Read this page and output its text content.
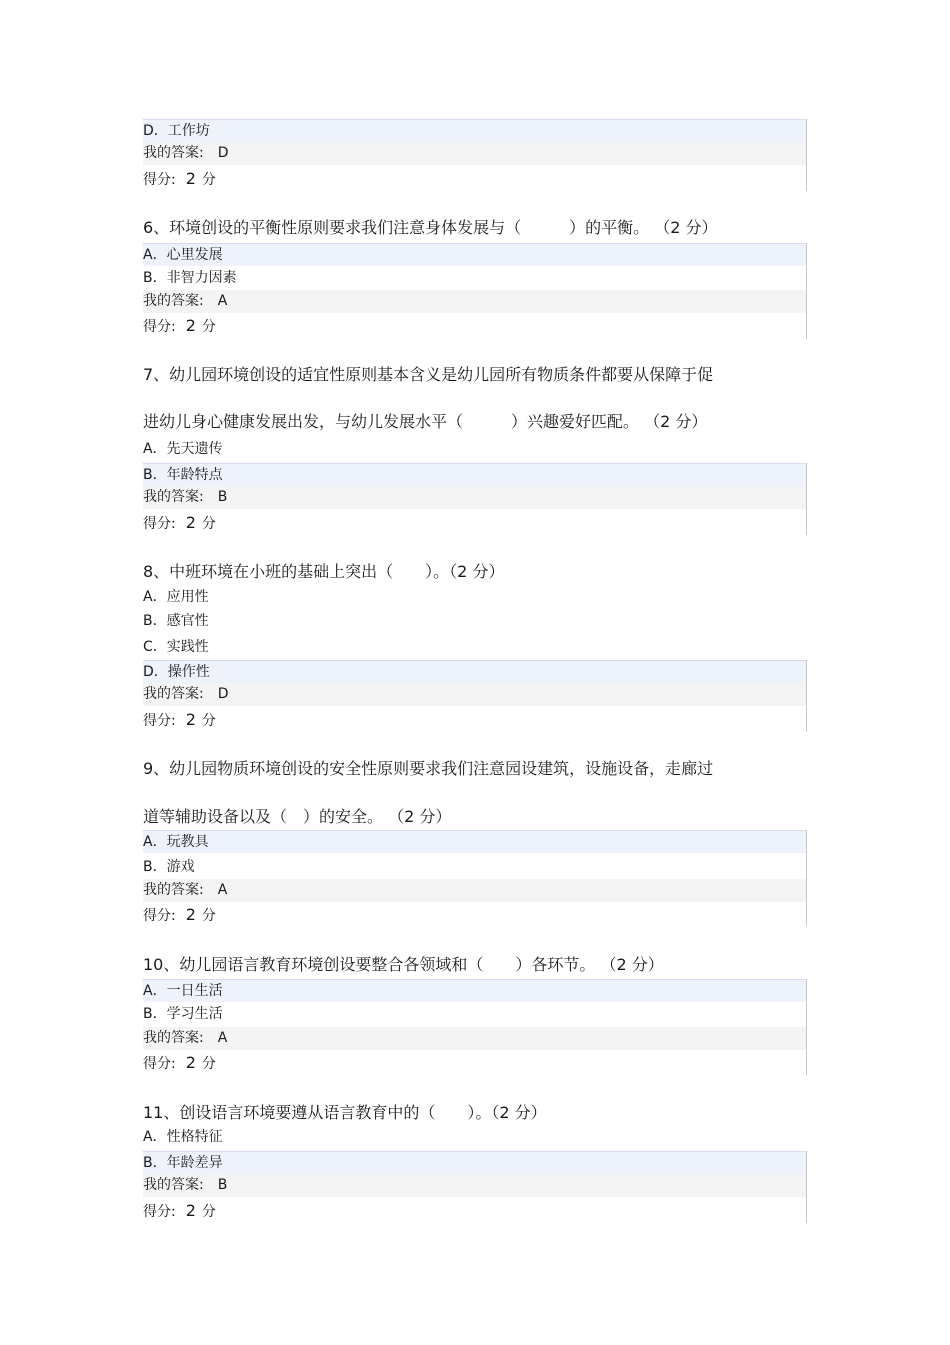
D．工作坊
我的答案: D
得分: 2 分
6、环境创设的平衡性原则要求我们注意身体发展与（　　　）的平衡。 （2 分）
A．心里发展
B．非智力因素
我的答案: A
得分: 2 分
7、幼儿园环境创设的适宜性原则基本含义是幼儿园所有物质条件都要从保障于促
进幼儿身心健康发展出发，与幼儿发展水平（　　　）兴趣爱好匹配。 （2 分）
A．先天遗传
B．年龄特点
我的答案: B
得分: 2 分
8、中班环境在小班的基础上突出（　　）。（2 分）
A．应用性
B．感官性
C．实践性
D．操作性
我的答案: D
得分: 2 分
9、幼儿园物质环境创设的安全性原则要求我们注意园设建筑，设施设备，走廊过
道等辅助设备以及（　）的安全。 （2 分）
A．玩教具
B．游戏
我的答案: A
得分: 2 分
10、幼儿园语言教育环境创设要整合各领域和（　　）各环节。 （2 分）
A．一日生活
B．学习生活
我的答案: A
得分: 2 分
11、创设语言环境要遵从语言教育中的（　　）。（2 分）
A．性格特征
B．年龄差异
我的答案: B
得分: 2 分
